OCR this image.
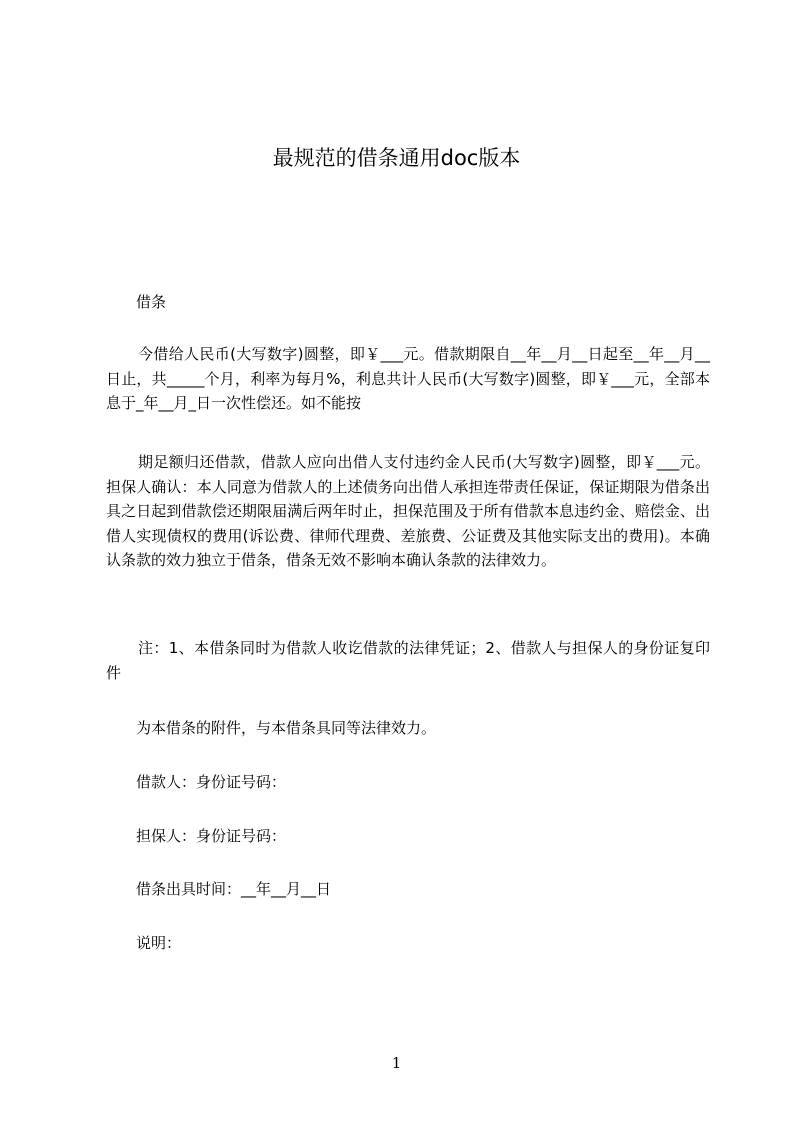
最规范的借条通用doc版本
借条

今借给人民币(大写数字)圆整，即￥___元。借款期限自__年__月__日起至__年__月__日止，共_____个月，利率为每月%，利息共计人民币(大写数字)圆整，即￥___元，全部本息于_年__月_日一次性偿还。如不能按

期足额归还借款，借款人应向出借人支付违约金人民币(大写数字)圆整，即￥___元。担保人确认：本人同意为借款人的上述债务向出借人承担连带责任保证，保证期限为借条出具之日起到借款偿还期限届满后两年时止，担保范围及于所有借款本息违约金、赔偿金、出借人实现债权的费用(诉讼费、律师代理费、差旅费、公证费及其他实际支出的费用)。本确认条款的效力独立于借条，借条无效不影响本确认条款的法律效力。

注：1、本借条同时为借款人收讫借款的法律凭证；2、借款人与担保人的身份证复印件

为本借条的附件，与本借条具同等法律效力。
借款人：身份证号码：
担保人：身份证号码：
借条出具时间：__年__月__日
说明：
1
